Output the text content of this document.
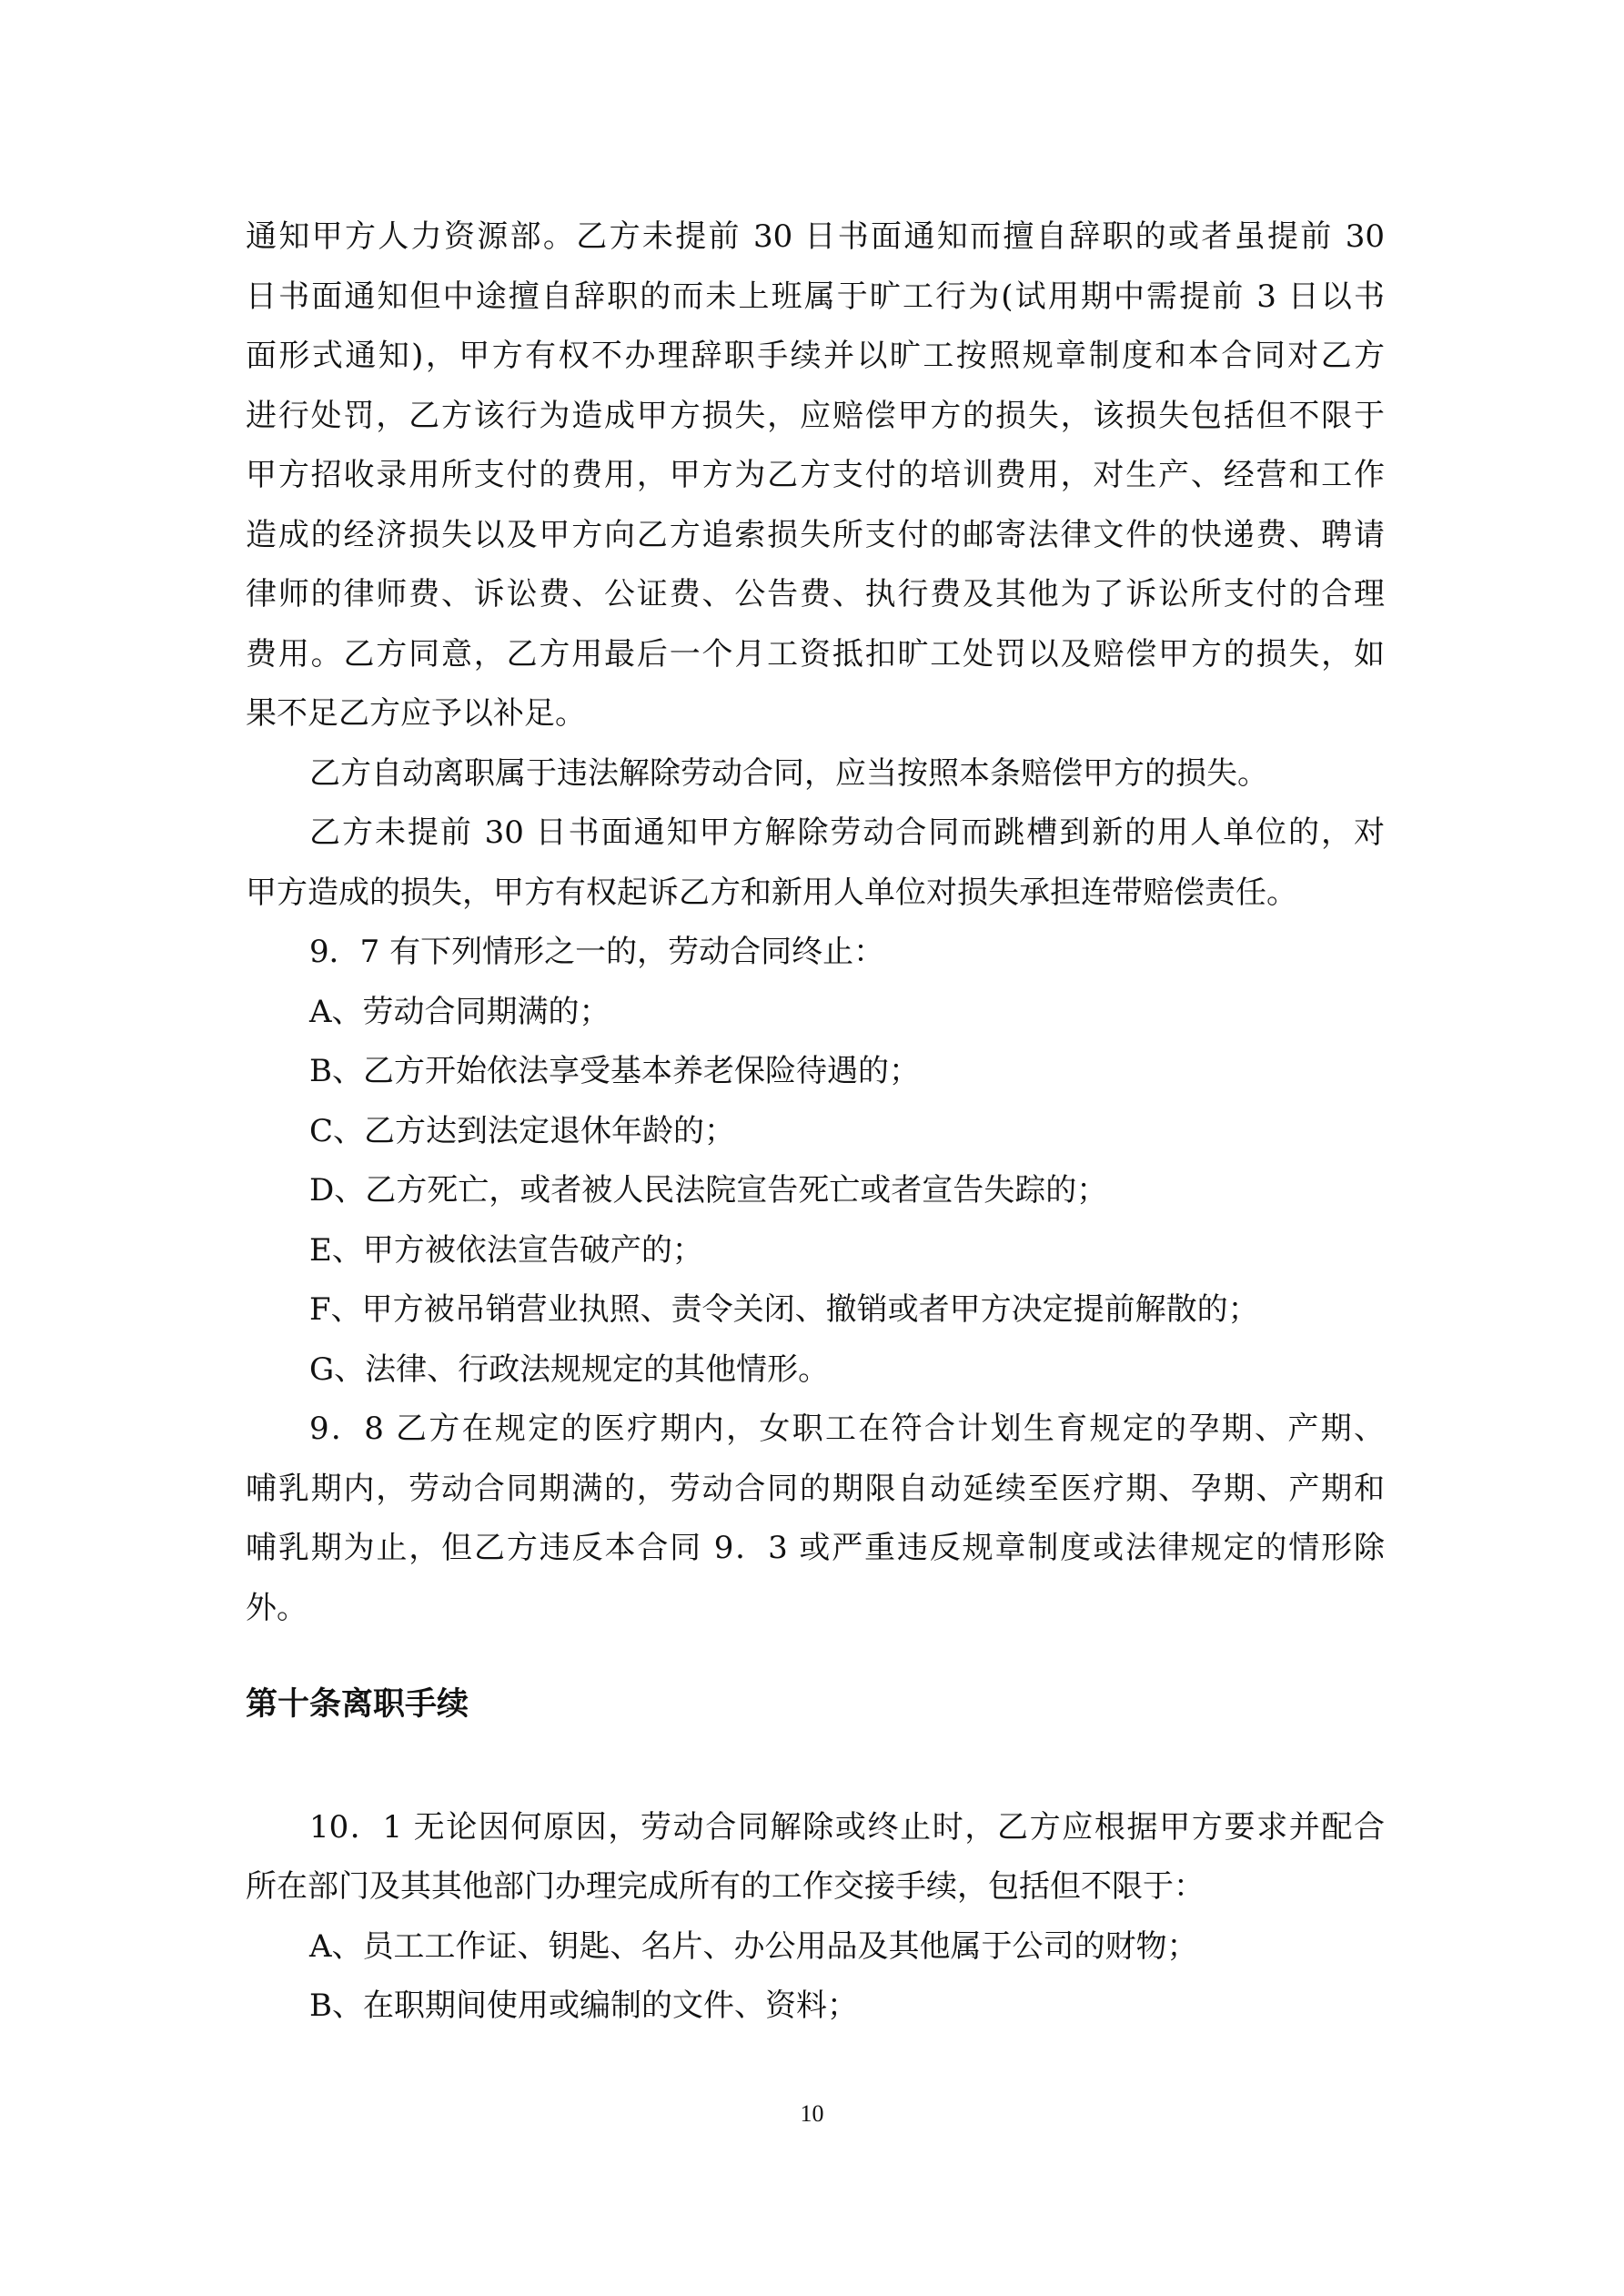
通知甲方人力资源部。乙方未提前 30 日书面通知而擅自辞职的或者虽提前 30
日书面通知但中途擅自辞职的而未上班属于旷工行为(试用期中需提前 3 日以书
面形式通知)，甲方有权不办理辞职手续并以旷工按照规章制度和本合同对乙方
进行处罚，乙方该行为造成甲方损失，应赔偿甲方的损失，该损失包括但不限于
甲方招收录用所支付的费用，甲方为乙方支付的培训费用，对生产、经营和工作
造成的经济损失以及甲方向乙方追索损失所支付的邮寄法律文件的快递费、聘请
律师的律师费、诉讼费、公证费、公告费、执行费及其他为了诉讼所支付的合理
费用。乙方同意，乙方用最后一个月工资抵扣旷工处罚以及赔偿甲方的损失，如
果不足乙方应予以补足。
乙方自动离职属于违法解除劳动合同，应当按照本条赔偿甲方的损失。
乙方未提前 30 日书面通知甲方解除劳动合同而跳槽到新的用人单位的，对
甲方造成的损失，甲方有权起诉乙方和新用人单位对损失承担连带赔偿责任。
9．7 有下列情形之一的，劳动合同终止：
A、劳动合同期满的；
B、乙方开始依法享受基本养老保险待遇的；
C、乙方达到法定退休年龄的；
D、乙方死亡，或者被人民法院宣告死亡或者宣告失踪的；
E、甲方被依法宣告破产的；
F、甲方被吊销营业执照、责令关闭、撤销或者甲方决定提前解散的；
G、法律、行政法规规定的其他情形。
9．8 乙方在规定的医疗期内，女职工在符合计划生育规定的孕期、产期、
哺乳期内，劳动合同期满的，劳动合同的期限自动延续至医疗期、孕期、产期和
哺乳期为止，但乙方违反本合同 9．3 或严重违反规章制度或法律规定的情形除
外。
第十条离职手续
10．1 无论因何原因，劳动合同解除或终止时，乙方应根据甲方要求并配合
所在部门及其其他部门办理完成所有的工作交接手续，包括但不限于：
A、员工工作证、钥匙、名片、办公用品及其他属于公司的财物；
B、在职期间使用或编制的文件、资料；
10
